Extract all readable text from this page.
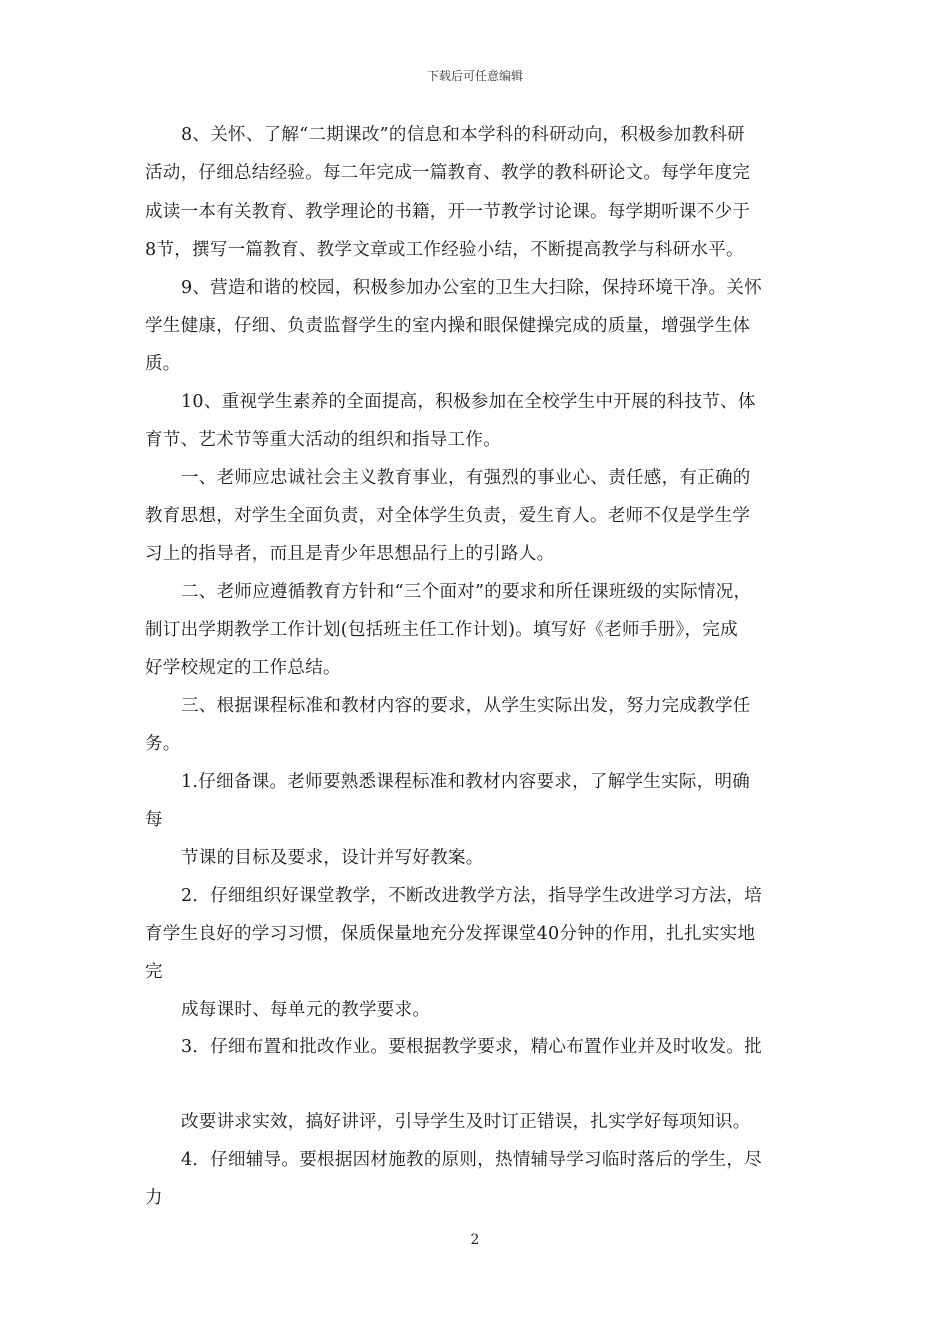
下载后可任意编辑
8、关怀、了解“二期课改”的信息和本学科的科研动向，积极参加教科研
活动，仔细总结经验。每二年完成一篇教育、教学的教科研论文。每学年度完
成读一本有关教育、教学理论的书籍，开一节教学讨论课。每学期听课不少于
8节，撰写一篇教育、教学文章或工作经验小结，不断提高教学与科研水平。
9、营造和谐的校园，积极参加办公室的卫生大扫除，保持环境干净。关怀
学生健康，仔细、负责监督学生的室内操和眼保健操完成的质量，增强学生体
质。
10、重视学生素养的全面提高，积极参加在全校学生中开展的科技节、体
育节、艺术节等重大活动的组织和指导工作。
一、老师应忠诚社会主义教育事业，有强烈的事业心、责任感，有正确的
教育思想，对学生全面负责，对全体学生负责，爱生育人。老师不仅是学生学
习上的指导者，而且是青少年思想品行上的引路人。
二、老师应遵循教育方针和“三个面对”的要求和所任课班级的实际情况，
制订出学期教学工作计划(包括班主任工作计划)。填写好《老师手册》，完成
好学校规定的工作总结。
三、根据课程标准和教材内容的要求，从学生实际出发，努力完成教学任
务。
1.仔细备课。老师要熟悉课程标准和教材内容要求，了解学生实际，明确
每
节课的目标及要求，设计并写好教案。
2．仔细组织好课堂教学，不断改进教学方法，指导学生改进学习方法，培
育学生良好的学习习惯，保质保量地充分发挥课堂40分钟的作用，扎扎实实地
完
成每课时、每单元的教学要求。
3．仔细布置和批改作业。要根据教学要求，精心布置作业并及时收发。批
改要讲求实效，搞好讲评，引导学生及时订正错误，扎实学好每项知识。
4．仔细辅导。要根据因材施教的原则，热情辅导学习临时落后的学生，尽
力
2
